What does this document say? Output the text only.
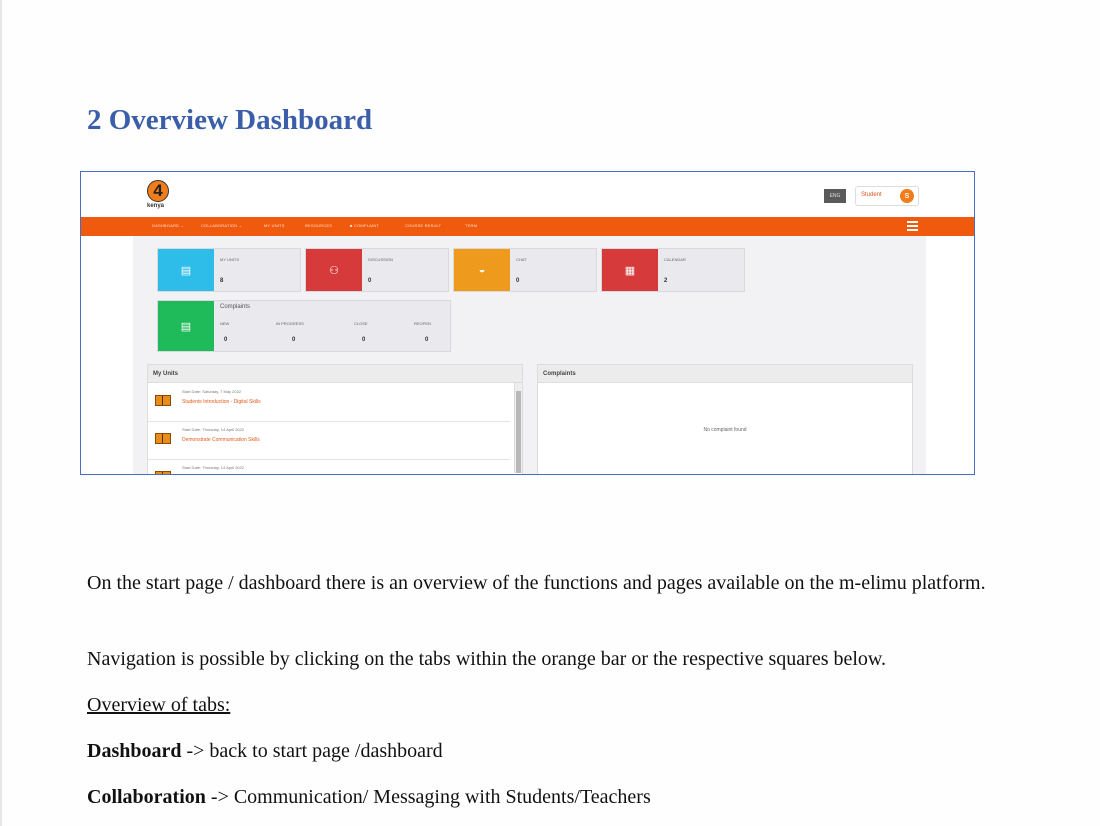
2 Overview Dashboard
4
kenya
ENG	Student	S
DASHBOARD ⌄	COLLABORATION ⌄	MY UNITS	RESOURCES	■ COMPLAINT	COURSE RESULT	TERM
▤
MY UNITS
8
⚇
DISCUSSION
0
◒
CHAT
0
▦
CALENDAR
2
▤
Complaints
NEW	IN PROGRESS	CLOSE	REOPEN
0	0	0	0
My Units
Start Date: Saturday, 7 May 2022
Students Introduction - Digital Skills
Start Date: Thursday, 14 April 2022
Demonstrate Communication Skills
Start Date: Thursday, 14 April 2022
Complaints
No complaint found

On the start page / dashboard there is an overview of the functions and pages available on the m-elimu platform.

Navigation is possible by clicking on the tabs within the orange bar or the respective squares below.

Overview of tabs:

Dashboard -> back to start page /dashboard

Collaboration -> Communication/ Messaging with Students/Teachers
